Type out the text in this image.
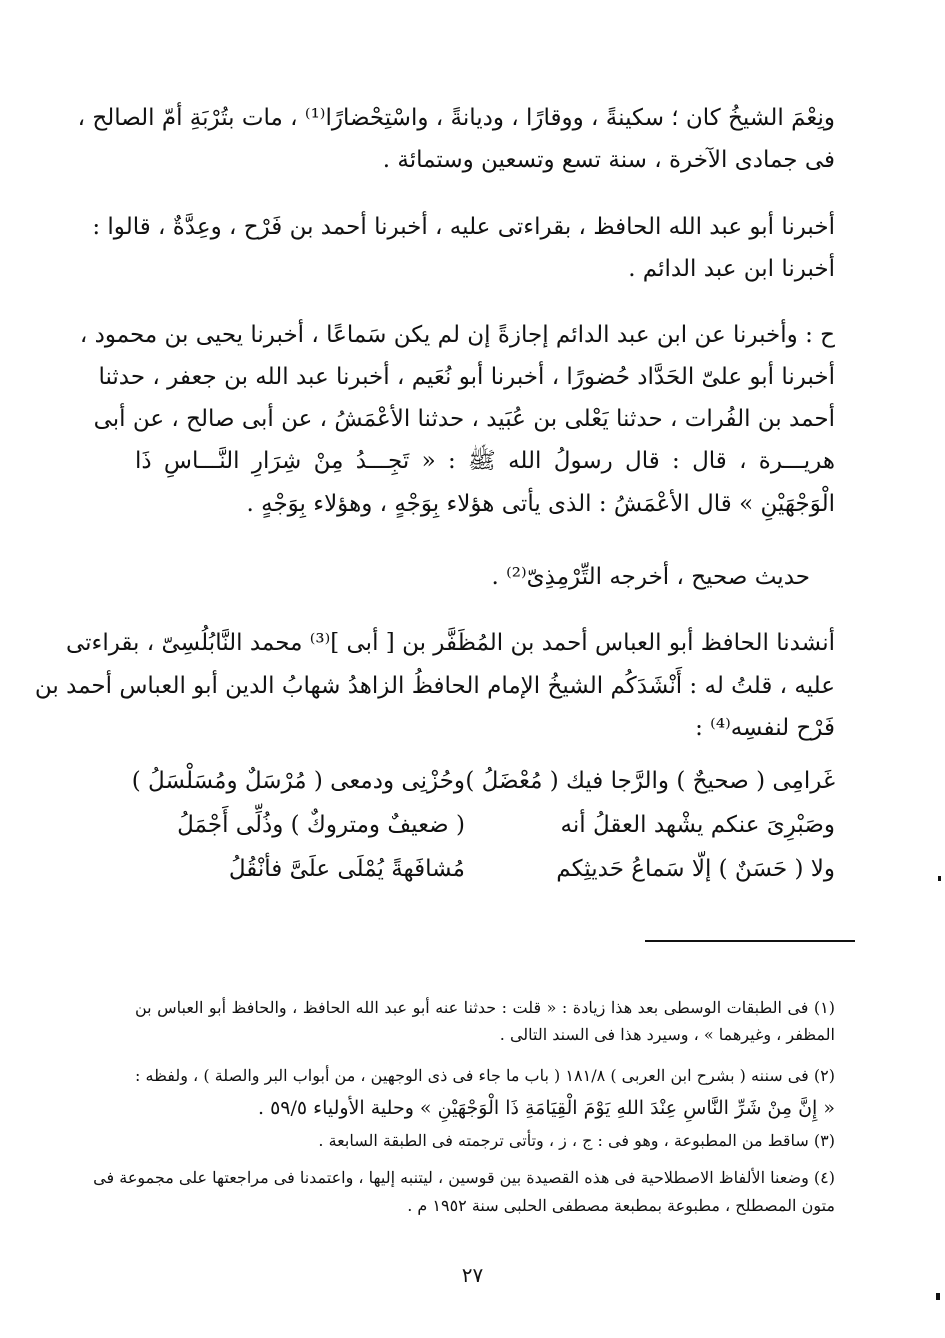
ونِعْمَ الشيخُ كان ؛ سكينةً ، ووقارًا ، وديانةً ، واسْتِحْضارًا⁽¹⁾ ، مات بتُرْبَةِ أمّ الصالح ،
فى جمادى الآخرة ، سنة تسع وتسعين وستمائة .
أخبرنا أبو عبد الله الحافظ ، بقراءتى عليه ، أخبرنا أحمد بن فَرْح ، وعِدَّةٌ ، قالوا :
أخبرنا ابن عبد الدائم .
ح : وأخبرنا عن ابن عبد الدائم إجازةً إن لم يكن سَماعًا ، أخبرنا يحيى بن محمود ،
أخبرنا أبو علىّ الحَدَّاد حُضورًا ، أخبرنا أبو نُعَيم ، أخبرنا عبد الله بن جعفر ، حدثنا
أحمد بن الفُرات ، حدثنا يَعْلى بن عُبَيد ، حدثنا الأعْمَشُ ، عن أبى صالح ، عن أبى
هريـــرة ، قال : قال رسولُ الله ﷺ : « تَجِـــدُ مِنْ شِرَارِ النَّـــاسِ ذَا
الْوَجْهَيْنِ » قال الأعْمَشُ : الذى يأتى هؤلاء بِوَجْهٍ ، وهؤلاء بِوَجْهٍ .
حديث صحيح ، أخرجه التِّرْمِذِىّ⁽²⁾ .
أنشدنا الحافظ أبو العباس أحمد بن المُظَفَّر بن [ أبى ]⁽³⁾ محمد النَّابُلُسِىّ ، بقراءتى
عليه ، قلتُ له : أَنْشَدَكُم الشيخُ الإمام الحافظُ الزاهدُ شهابُ الدين أبو العباس أحمد بن
فَرْح لنفسِه⁽⁴⁾ :
غَرامِى ( صحيحٌ ) والرَّجا فيك ( مُعْضَلُ )
وحُزْنِى ودمعى ( مُرْسَلٌ ومُسَلْسَلُ )
وصَبْرِىَ عنكم يشْهد العقلُ أنه
( ضعيفٌ ومتروكٌ ) وذُلِّى أَجْمَلُ
ولا ( حَسَنٌ ) إلّا سَماعُ حَديثِكم
مُشافَهةً يُمْلَى علَىَّ فأنْقُلُ
(١) فى الطبقات الوسطى بعد هذا زيادة : « قلت : حدثنا عنه أبو عبد الله الحافظ ، والحافظ أبو العباس بن
المظفر ، وغيرهما » ، وسيرد هذا فى السند التالى .
(٢) فى سننه ( بشرح ابن العربى ) ١٨١/٨ ( باب ما جاء فى ذى الوجهين ، من أبواب البر والصلة ) ، ولفظه :
« إِنَّ مِنْ شَرِّ النَّاسِ عِنْدَ اللهِ يَوْمَ الْقِيَامَةِ ذَا الْوَجْهَيْنِ » وحلية الأولياء ٥٩/٥ .
(٣) ساقط من المطبوعة ، وهو فى : ج ، ز ، وتأتى ترجمته فى الطبقة السابعة .
(٤) وضعنا الألفاظ الاصطلاحية فى هذه القصيدة بين قوسين ، ليتنبه إليها ، واعتمدنا فى مراجعتها على مجموعة فى
متون المصطلح ، مطبوعة بمطبعة مصطفى الحلبى سنة ١٩٥٢ م .
٢٧
